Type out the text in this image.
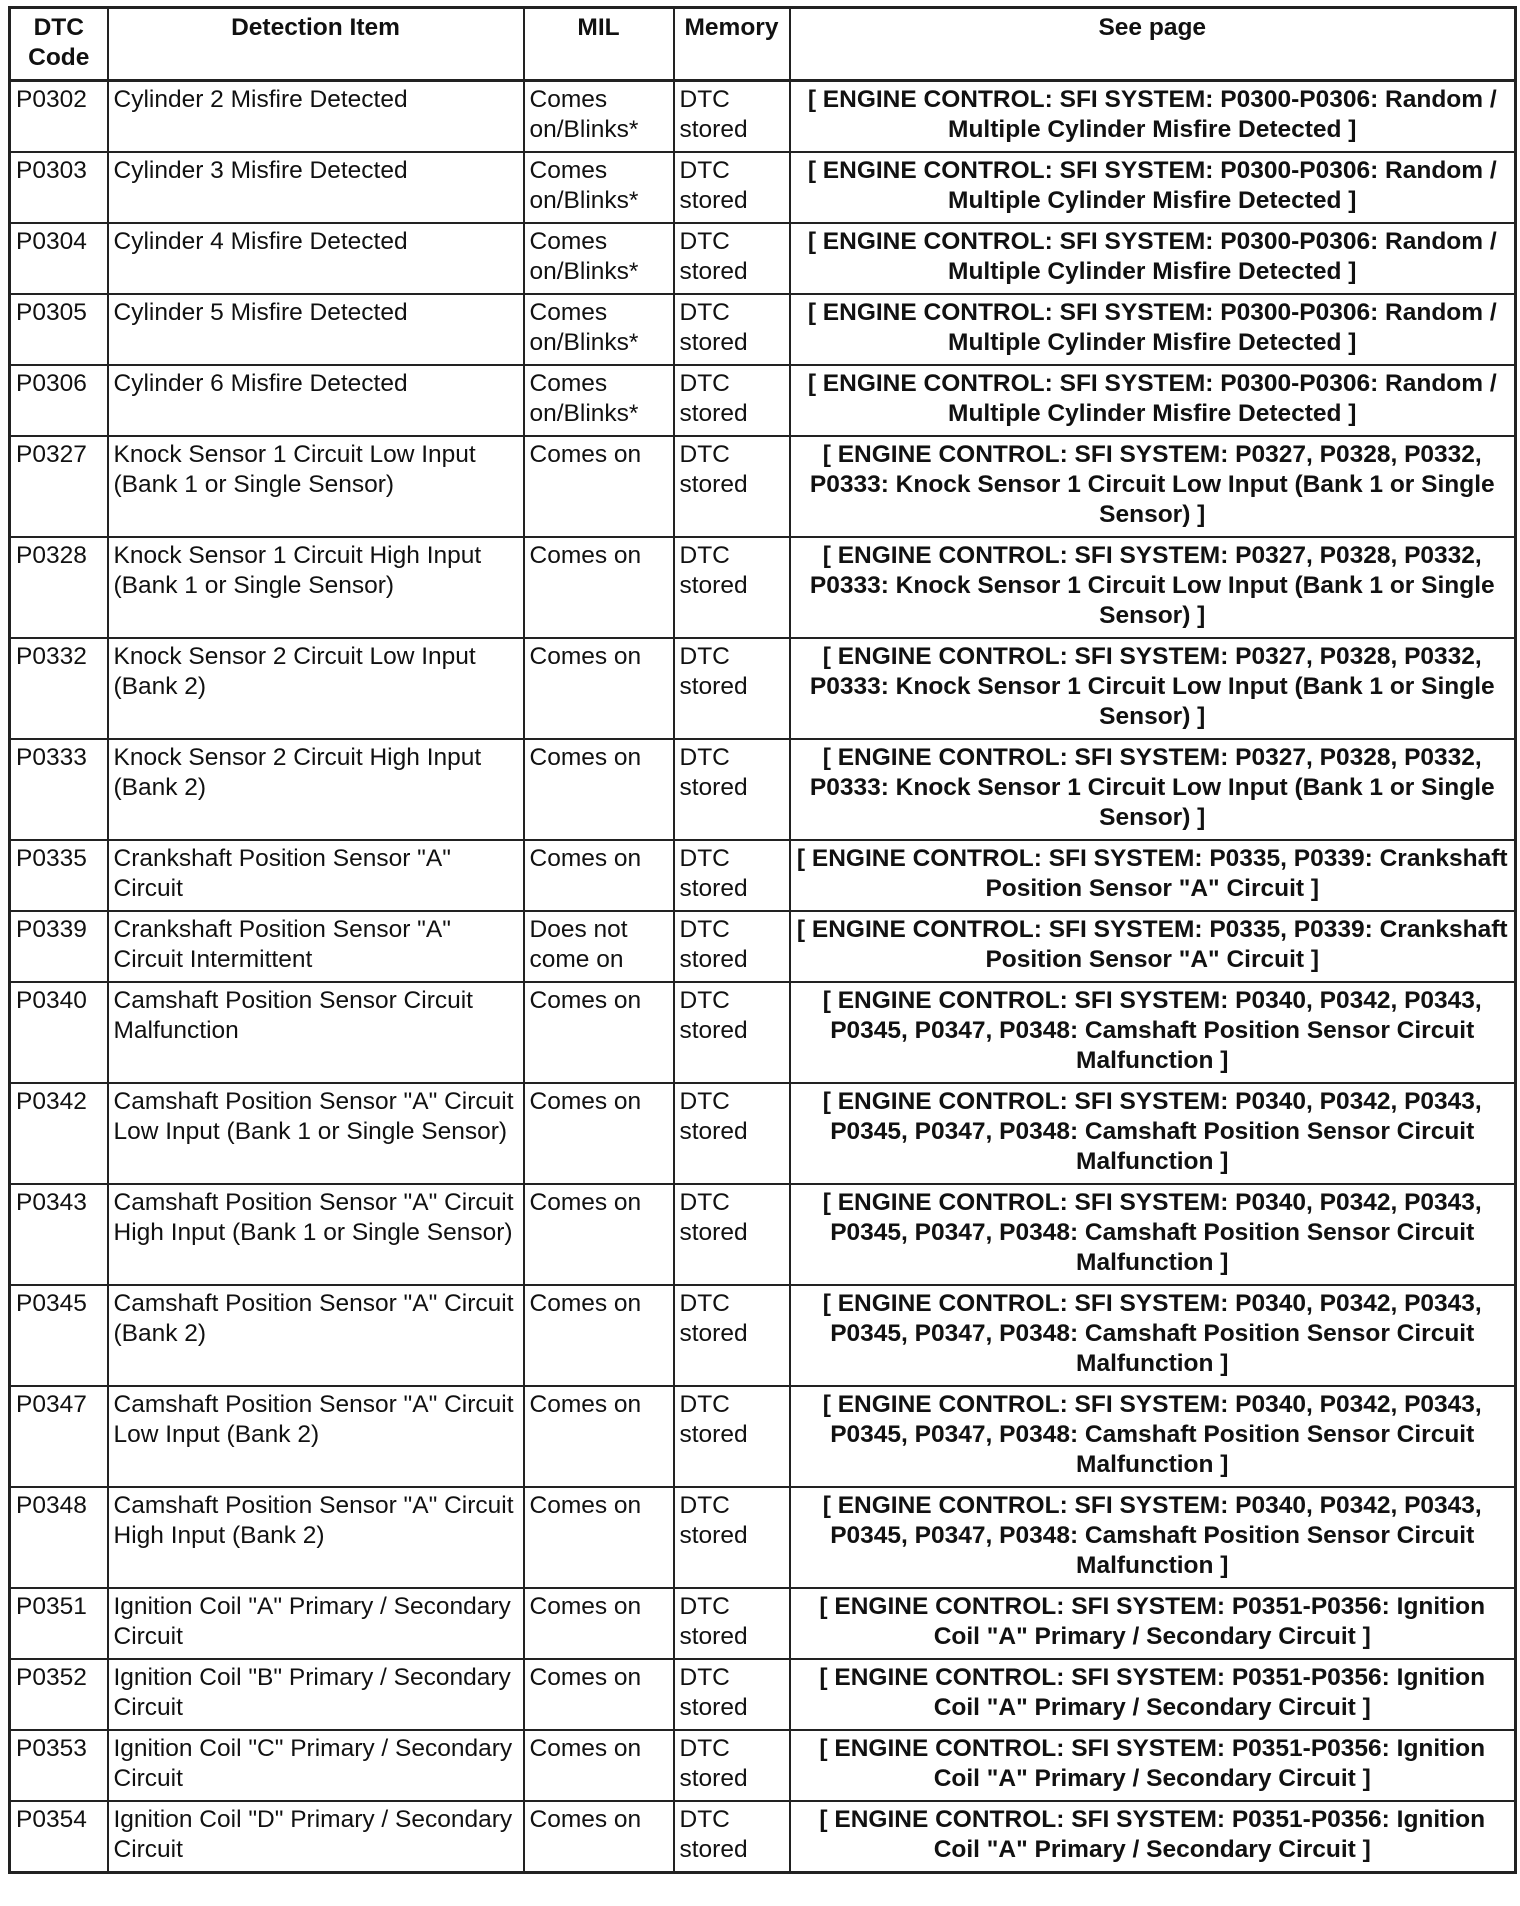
DTC Code	Detection Item	MIL	Memory	See page
P0302	Cylinder 2 Misfire Detected	Comes on/Blinks*	DTC stored	[ ENGINE CONTROL: SFI SYSTEM: P0300-P0306: Random / Multiple Cylinder Misfire Detected ]
P0303	Cylinder 3 Misfire Detected	Comes on/Blinks*	DTC stored	[ ENGINE CONTROL: SFI SYSTEM: P0300-P0306: Random / Multiple Cylinder Misfire Detected ]
P0304	Cylinder 4 Misfire Detected	Comes on/Blinks*	DTC stored	[ ENGINE CONTROL: SFI SYSTEM: P0300-P0306: Random / Multiple Cylinder Misfire Detected ]
P0305	Cylinder 5 Misfire Detected	Comes on/Blinks*	DTC stored	[ ENGINE CONTROL: SFI SYSTEM: P0300-P0306: Random / Multiple Cylinder Misfire Detected ]
P0306	Cylinder 6 Misfire Detected	Comes on/Blinks*	DTC stored	[ ENGINE CONTROL: SFI SYSTEM: P0300-P0306: Random / Multiple Cylinder Misfire Detected ]
P0327	Knock Sensor 1 Circuit Low Input (Bank 1 or Single Sensor)	Comes on	DTC stored	[ ENGINE CONTROL: SFI SYSTEM: P0327, P0328, P0332, P0333: Knock Sensor 1 Circuit Low Input (Bank 1 or Single Sensor) ]
P0328	Knock Sensor 1 Circuit High Input (Bank 1 or Single Sensor)	Comes on	DTC stored	[ ENGINE CONTROL: SFI SYSTEM: P0327, P0328, P0332, P0333: Knock Sensor 1 Circuit Low Input (Bank 1 or Single Sensor) ]
P0332	Knock Sensor 2 Circuit Low Input (Bank 2)	Comes on	DTC stored	[ ENGINE CONTROL: SFI SYSTEM: P0327, P0328, P0332, P0333: Knock Sensor 1 Circuit Low Input (Bank 1 or Single Sensor) ]
P0333	Knock Sensor 2 Circuit High Input (Bank 2)	Comes on	DTC stored	[ ENGINE CONTROL: SFI SYSTEM: P0327, P0328, P0332, P0333: Knock Sensor 1 Circuit Low Input (Bank 1 or Single Sensor) ]
P0335	Crankshaft Position Sensor "A" Circuit	Comes on	DTC stored	[ ENGINE CONTROL: SFI SYSTEM: P0335, P0339: Crankshaft Position Sensor "A" Circuit ]
P0339	Crankshaft Position Sensor "A" Circuit Intermittent	Does not come on	DTC stored	[ ENGINE CONTROL: SFI SYSTEM: P0335, P0339: Crankshaft Position Sensor "A" Circuit ]
P0340	Camshaft Position Sensor Circuit Malfunction	Comes on	DTC stored	[ ENGINE CONTROL: SFI SYSTEM: P0340, P0342, P0343, P0345, P0347, P0348: Camshaft Position Sensor Circuit Malfunction ]
P0342	Camshaft Position Sensor "A" Circuit Low Input (Bank 1 or Single Sensor)	Comes on	DTC stored	[ ENGINE CONTROL: SFI SYSTEM: P0340, P0342, P0343, P0345, P0347, P0348: Camshaft Position Sensor Circuit Malfunction ]
P0343	Camshaft Position Sensor "A" Circuit High Input (Bank 1 or Single Sensor)	Comes on	DTC stored	[ ENGINE CONTROL: SFI SYSTEM: P0340, P0342, P0343, P0345, P0347, P0348: Camshaft Position Sensor Circuit Malfunction ]
P0345	Camshaft Position Sensor "A" Circuit (Bank 2)	Comes on	DTC stored	[ ENGINE CONTROL: SFI SYSTEM: P0340, P0342, P0343, P0345, P0347, P0348: Camshaft Position Sensor Circuit Malfunction ]
P0347	Camshaft Position Sensor "A" Circuit Low Input (Bank 2)	Comes on	DTC stored	[ ENGINE CONTROL: SFI SYSTEM: P0340, P0342, P0343, P0345, P0347, P0348: Camshaft Position Sensor Circuit Malfunction ]
P0348	Camshaft Position Sensor "A" Circuit High Input (Bank 2)	Comes on	DTC stored	[ ENGINE CONTROL: SFI SYSTEM: P0340, P0342, P0343, P0345, P0347, P0348: Camshaft Position Sensor Circuit Malfunction ]
P0351	Ignition Coil "A" Primary / Secondary Circuit	Comes on	DTC stored	[ ENGINE CONTROL: SFI SYSTEM: P0351-P0356: Ignition Coil "A" Primary / Secondary Circuit ]
P0352	Ignition Coil "B" Primary / Secondary Circuit	Comes on	DTC stored	[ ENGINE CONTROL: SFI SYSTEM: P0351-P0356: Ignition Coil "A" Primary / Secondary Circuit ]
P0353	Ignition Coil "C" Primary / Secondary Circuit	Comes on	DTC stored	[ ENGINE CONTROL: SFI SYSTEM: P0351-P0356: Ignition Coil "A" Primary / Secondary Circuit ]
P0354	Ignition Coil "D" Primary / Secondary Circuit	Comes on	DTC stored	[ ENGINE CONTROL: SFI SYSTEM: P0351-P0356: Ignition Coil "A" Primary / Secondary Circuit ]
